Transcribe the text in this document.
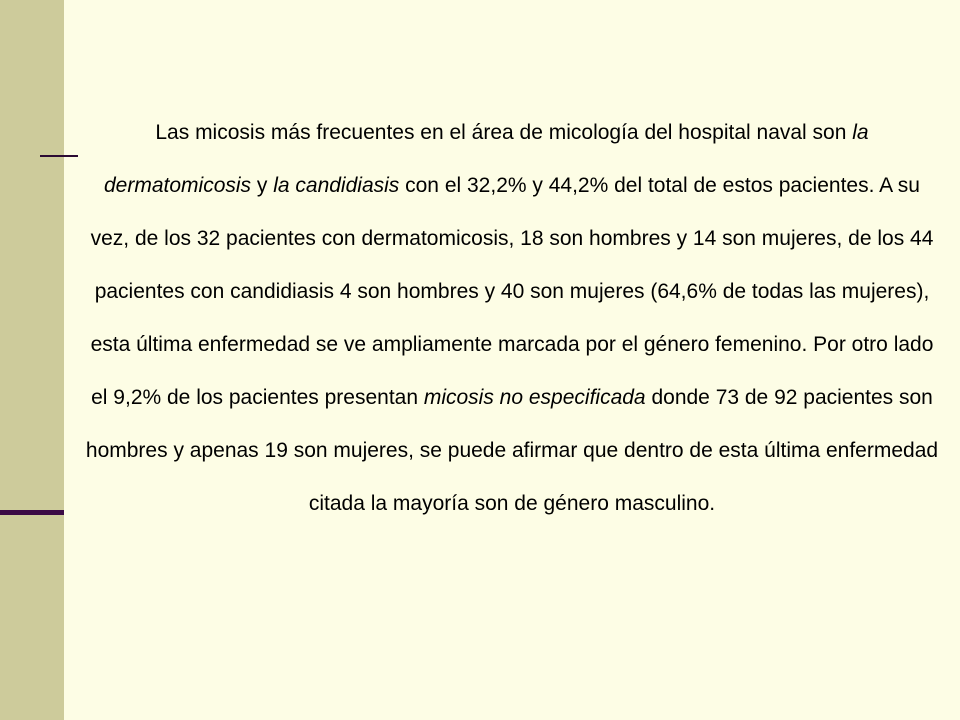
Las micosis más frecuentes en el área de micología del hospital naval son la dermatomicosis y la candidiasis con el 32,2% y 44,2% del total de estos pacientes. A su vez, de los 32 pacientes con dermatomicosis, 18 son hombres y 14 son mujeres, de los 44 pacientes con candidiasis 4 son hombres y 40 son mujeres (64,6% de todas las mujeres), esta última enfermedad se ve ampliamente marcada por el género femenino. Por otro lado el 9,2% de los pacientes presentan micosis no especificada donde 73 de 92 pacientes son hombres y apenas 19 son mujeres, se puede afirmar que dentro de esta última enfermedad citada la mayoría son de género masculino.
